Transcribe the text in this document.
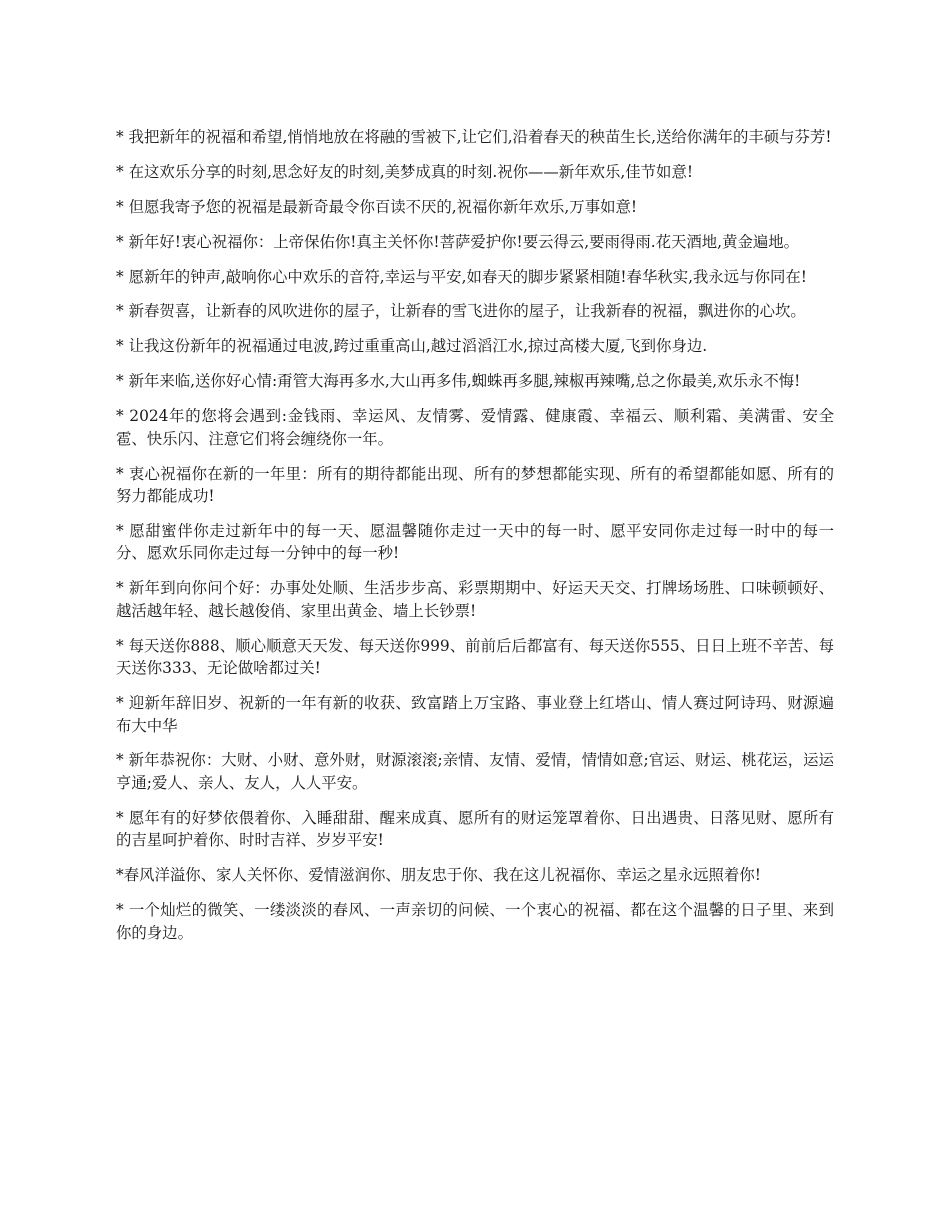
* 我把新年的祝福和希望,悄悄地放在将融的雪被下,让它们,沿着春天的秧苗生长,送给你满年的丰硕与芬芳!

* 在这欢乐分享的时刻,思念好友的时刻,美梦成真的时刻.祝你——新年欢乐,佳节如意!

* 但愿我寄予您的祝福是最新奇最令你百读不厌的,祝福你新年欢乐,万事如意!

* 新年好!衷心祝福你：上帝保佑你!真主关怀你!菩萨爱护你!要云得云,要雨得雨.花天酒地,黄金遍地。

* 愿新年的钟声,敲响你心中欢乐的音符,幸运与平安,如春天的脚步紧紧相随!春华秋实,我永远与你同在!

* 新春贺喜，让新春的风吹进你的屋子，让新春的雪飞进你的屋子，让我新春的祝福，飘进你的心坎。

* 让我这份新年的祝福通过电波,跨过重重高山,越过滔滔江水,掠过高楼大厦,飞到你身边.

* 新年来临,送你好心情:甭管大海再多水,大山再多伟,蜘蛛再多腿,辣椒再辣嘴,总之你最美,欢乐永不悔!

* 2024年的您将会遇到:金钱雨、幸运风、友情雾、爱情露、健康霞、幸福云、顺利霜、美满雷、安全雹、快乐闪、注意它们将会缠绕你一年。

* 衷心祝福你在新的一年里：所有的期待都能出现、所有的梦想都能实现、所有的希望都能如愿、所有的努力都能成功!

* 愿甜蜜伴你走过新年中的每一天、愿温馨随你走过一天中的每一时、愿平安同你走过每一时中的每一分、愿欢乐同你走过每一分钟中的每一秒!

* 新年到向你问个好：办事处处顺、生活步步高、彩票期期中、好运天天交、打牌场场胜、口味顿顿好、越活越年轻、越长越俊俏、家里出黄金、墙上长钞票!

* 每天送你888、顺心顺意天天发、每天送你999、前前后后都富有、每天送你555、日日上班不辛苦、每天送你333、无论做啥都过关!

* 迎新年辞旧岁、祝新的一年有新的收获、致富踏上万宝路、事业登上红塔山、情人赛过阿诗玛、财源遍布大中华

* 新年恭祝你：大财、小财、意外财，财源滚滚;亲情、友情、爱情，情情如意;官运、财运、桃花运，运运亨通;爱人、亲人、友人，人人平安。

* 愿年有的好梦依偎着你、入睡甜甜、醒来成真、愿所有的财运笼罩着你、日出遇贵、日落见财、愿所有的吉星呵护着你、时时吉祥、岁岁平安!

*春风洋溢你、家人关怀你、爱情滋润你、朋友忠于你、我在这儿祝福你、幸运之星永远照着你!

* 一个灿烂的微笑、一缕淡淡的春风、一声亲切的问候、一个衷心的祝福、都在这个温馨的日子里、来到你的身边。
